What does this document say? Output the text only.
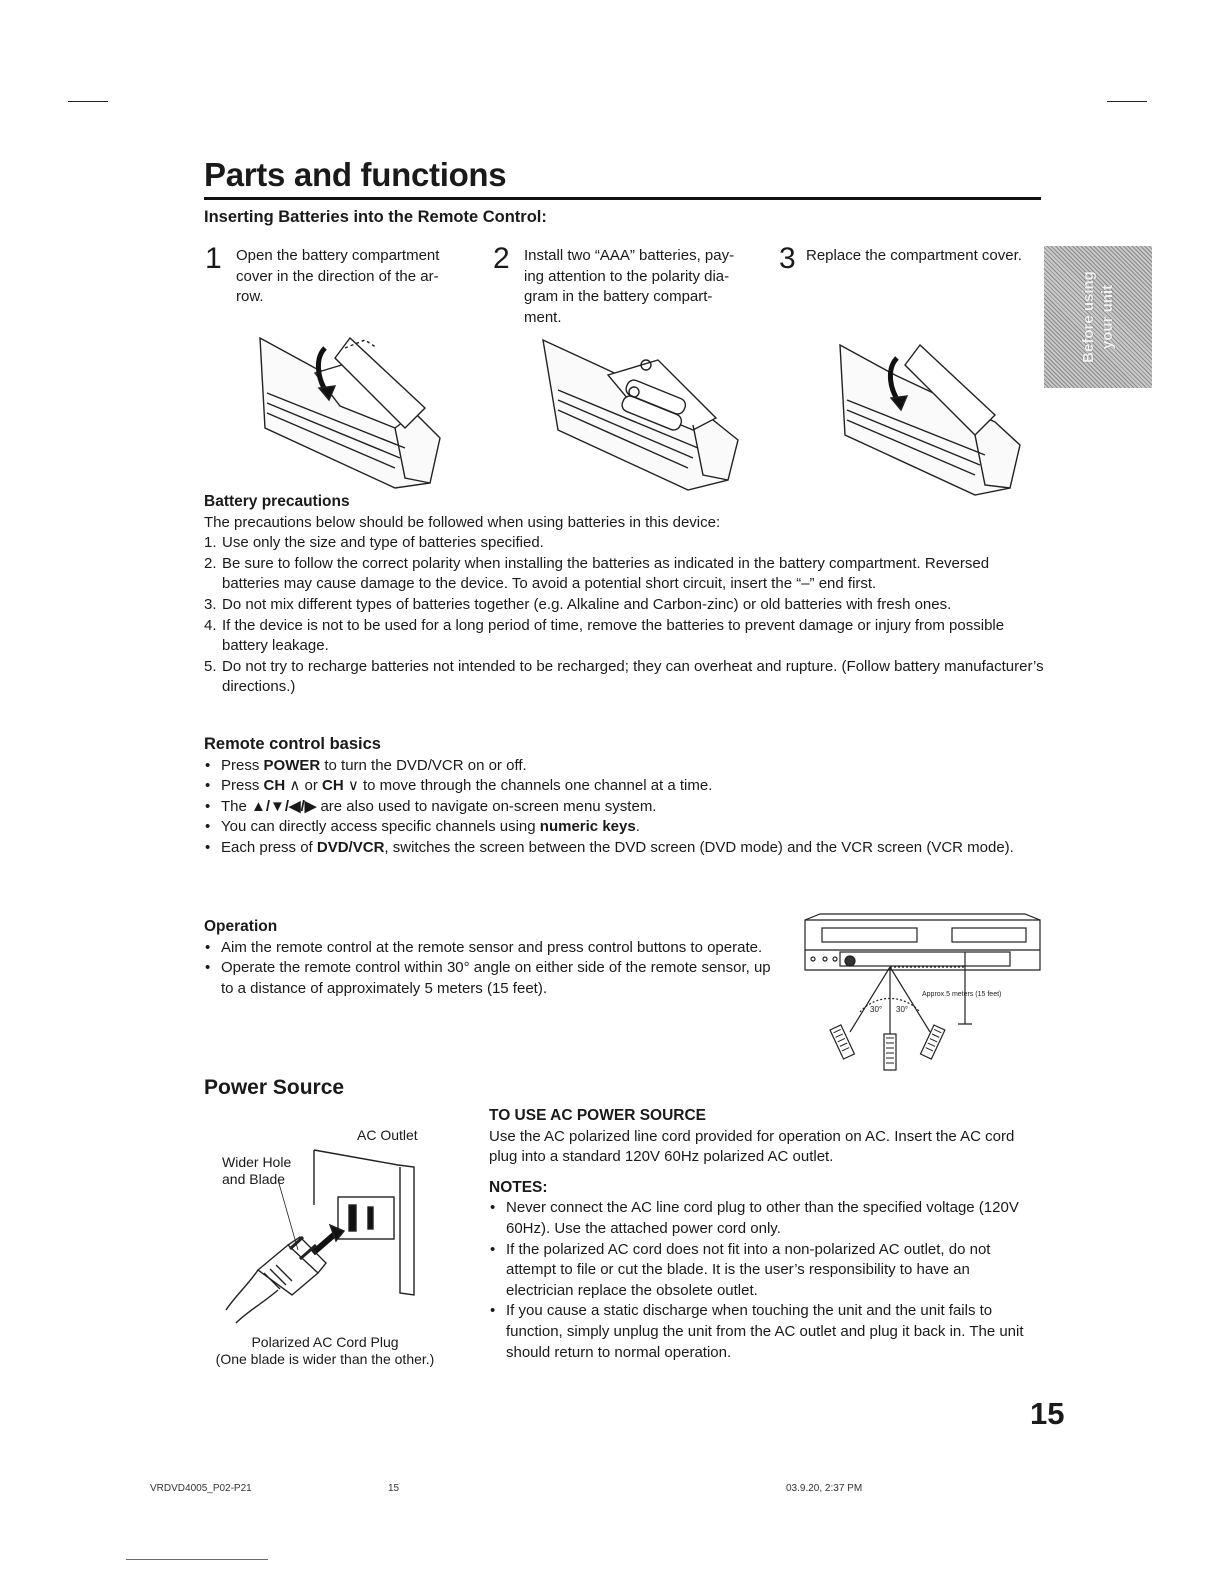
Parts and functions
Inserting Batteries into the Remote Control:
1 Open the battery compartment
cover in the direction of the ar-
row.
2 Install two “AAA” batteries, pay-
ing attention to the polarity dia-
gram in the battery compart-
ment.
3 Replace the compartment cover.
Before using
your unit
Battery precautions
The precautions below should be followed when using batteries in this device:
1. Use only the size and type of batteries specified.
2. Be sure to follow the correct polarity when installing the batteries as indicated in the battery compartment. Reversed batteries may cause damage to the device. To avoid a potential short circuit, insert the “–” end first.
3. Do not mix different types of batteries together (e.g. Alkaline and Carbon-zinc) or old batteries with fresh ones.
4. If the device is not to be used for a long period of time, remove the batteries to prevent damage or injury from possible battery leakage.
5. Do not try to recharge batteries not intended to be recharged; they can overheat and rupture. (Follow battery manufacturer’s directions.)
Remote control basics
• Press POWER to turn the DVD/VCR on or off.
• Press CH ∧ or CH ∨ to move through the channels one channel at a time.
• The ▲/▼/◀/▶ are also used to navigate on-screen menu system.
• You can directly access specific channels using numeric keys.
• Each press of DVD/VCR, switches the screen between the DVD screen (DVD mode) and the VCR screen (VCR mode).
Operation
• Aim the remote control at the remote sensor and press control buttons to operate.
• Operate the remote control within 30° angle on either side of the remote sensor, up to a distance of approximately 5 meters (15 feet).	Approx.5 meters (15 feet)
30° 30°
Power Source
AC Outlet
Wider Hole
and Blade
Polarized AC Cord Plug
(One blade is wider than the other.)
TO USE AC POWER SOURCE
Use the AC polarized line cord provided for operation on AC. Insert the AC cord plug into a standard 120V 60Hz polarized AC outlet.
NOTES:
• Never connect the AC line cord plug to other than the specified voltage (120V 60Hz). Use the attached power cord only.
• If the polarized AC cord does not fit into a non-polarized AC outlet, do not attempt to file or cut the blade. It is the user’s responsibility to have an electrician replace the obsolete outlet.
• If you cause a static discharge when touching the unit and the unit fails to function, simply unplug the unit from the AC outlet and plug it back in. The unit should return to normal operation.
15
VRDVD4005_P02-P21	15	03.9.20, 2:37 PM
